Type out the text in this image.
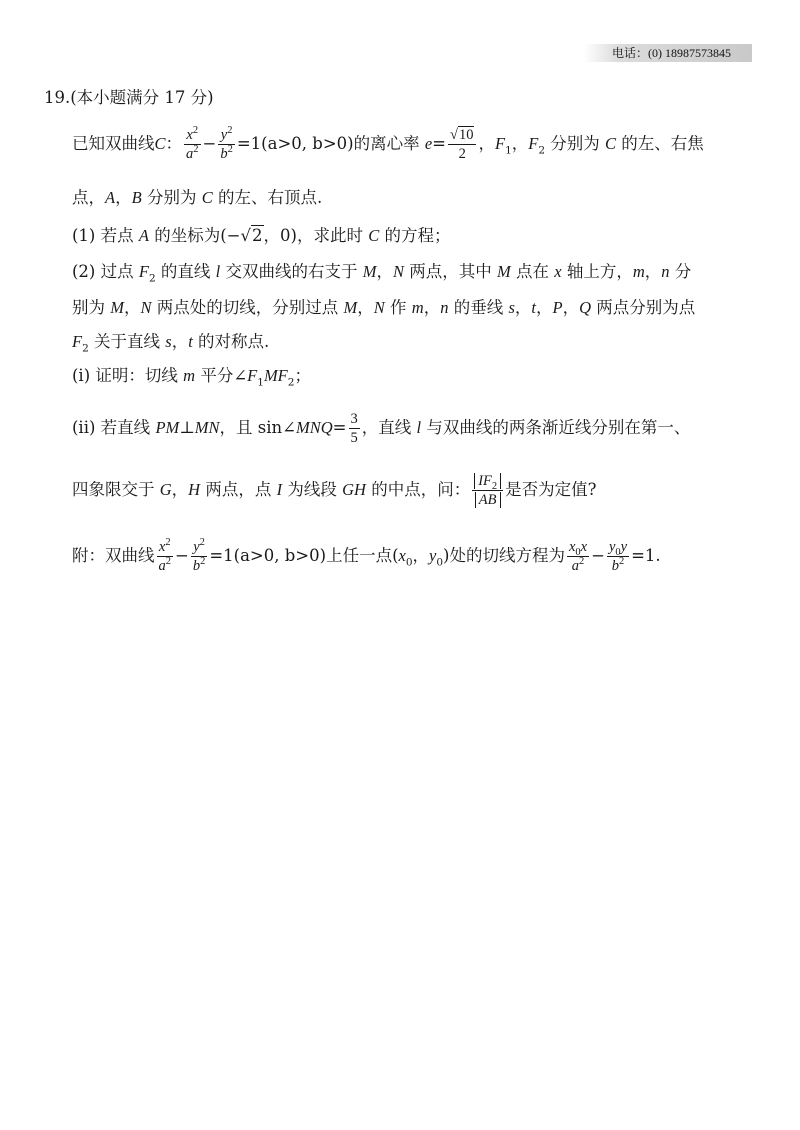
电话：(0) 18987573845
19.(本小题满分 17 分)
已知双曲线C： $\frac{x^2}{a^2} - \frac{y^2}{b^2} =1(a>0$, b>0)的离心率 $e= \frac{√10}{2}$ ，$F_1$，$F_2$ 分别为 C 的左、右焦
点，A，B 分别为 C 的左、右顶点.
(1) 若点 A 的坐标为(−√2，0)，求此时 C 的方程；
(2) 过点 $F_2$ 的直线 l 交双曲线的右支于 M，N 两点，其中 M 点在 x 轴上方，m，n 分
别为 M，N 两点处的切线，分别过点 M，N 作 m，n 的垂线 s，t，P，Q 两点分别为点
$F_2$ 关于直线 s，t 的对称点.
(i) 证明：切线 m 平分$\angle F_1MF_2$；
(ii) 若直线 PM⊥MN，且 sin∠MNQ= $\frac{3}{5}$ ，直线 l 与双曲线的两条渐近线分别在第一、
四象限交于 G，H 两点，点 I 为线段 GH 的中点，问： $\frac{IF_2}{AB}$ 是否为定值?
附：双曲线 $\frac{x^2}{a^2} - \frac{y^2}{b^2} =1(a>0$, b>0)上任一点($x_0$，$y_0$)处的切线方程为 $\frac{x_0x}{a^2} - \frac{y_0y}{b^2} =1$.
